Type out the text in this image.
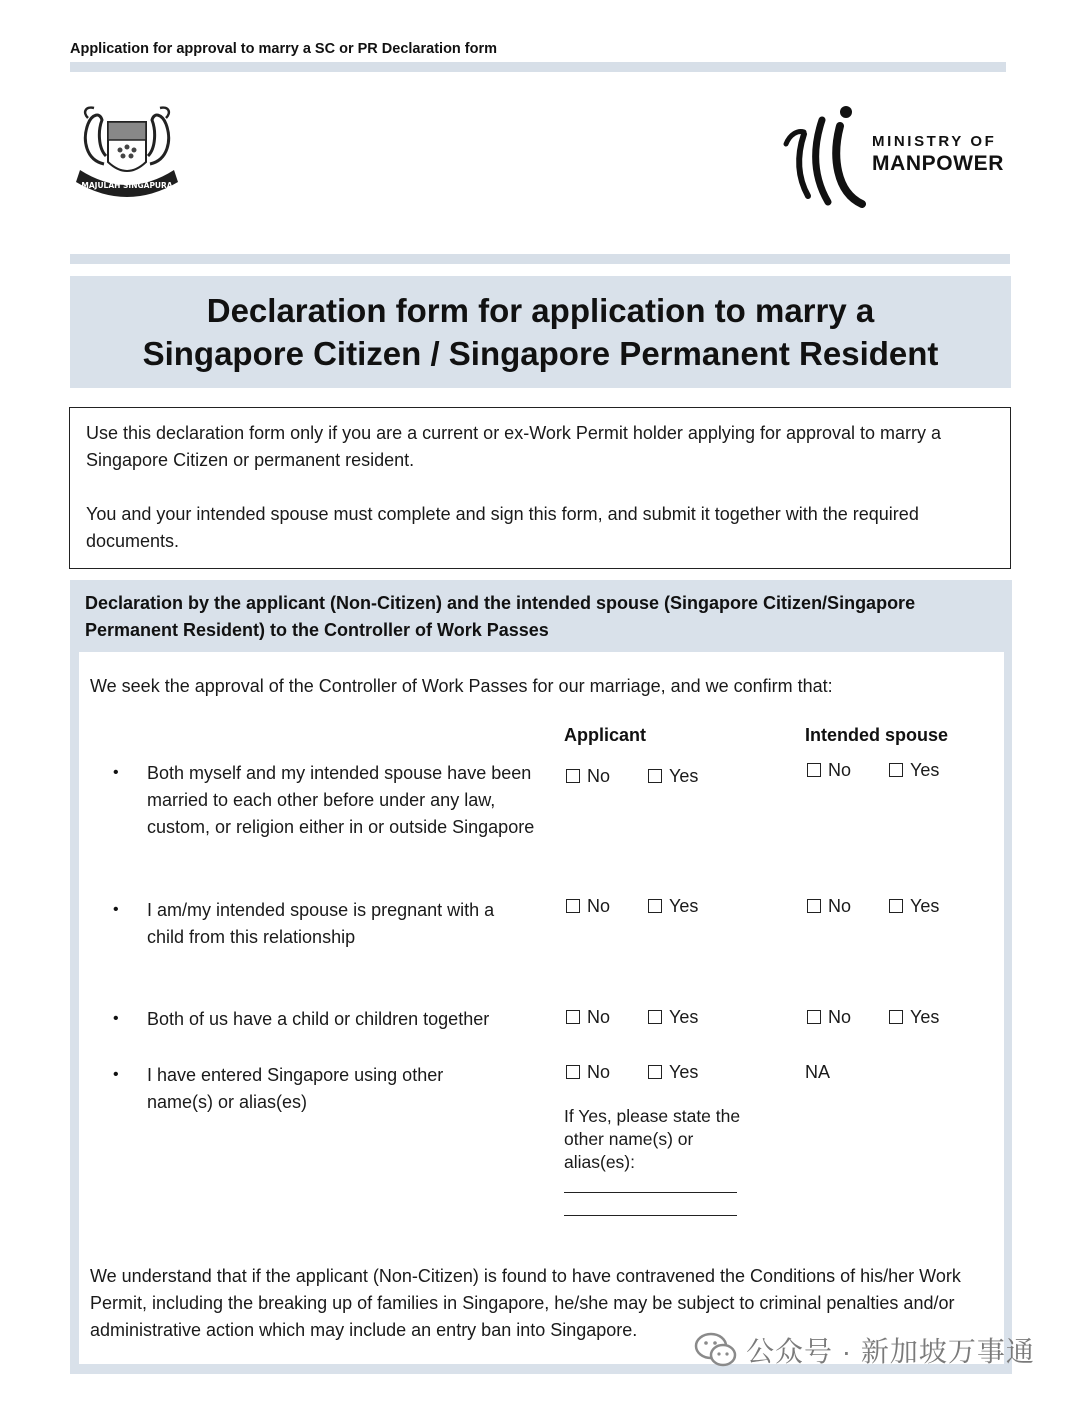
Application for approval to marry a SC or PR Declaration form
MAJULAH SINGAPURA
MINISTRY OF
MANPOWER
Declaration form for application to marry a
Singapore Citizen / Singapore Permanent Resident

Use this declaration form only if you are a current or ex-Work Permit holder applying for approval to marry a Singapore Citizen or permanent resident.

You and your intended spouse must complete and sign this form, and submit it together with the required documents.

Declaration by the applicant (Non-Citizen) and the intended spouse (Singapore Citizen/Singapore Permanent Resident) to the Controller of Work Passes
We seek the approval of the Controller of Work Passes for our marriage, and we confirm that:
Applicant	Intended spouse
• Both myself and my intended spouse have been married to each other before under any law, custom, or religion either in or outside Singapore
No	Yes	No	Yes
• I am/my intended spouse is pregnant with a child from this relationship
No	Yes	No	Yes
• Both of us have a child or children together	No	Yes	No	Yes
• I have entered Singapore using other name(s) or alias(es)
No	Yes	NA
If Yes, please state the other name(s) or alias(es):
We understand that if the applicant (Non-Citizen) is found to have contravened the Conditions of his/her Work Permit, including the breaking up of families in Singapore, he/she may be subject to criminal penalties and/or administrative action which may include an entry ban into Singapore.
公众号 · 新加坡万事通
